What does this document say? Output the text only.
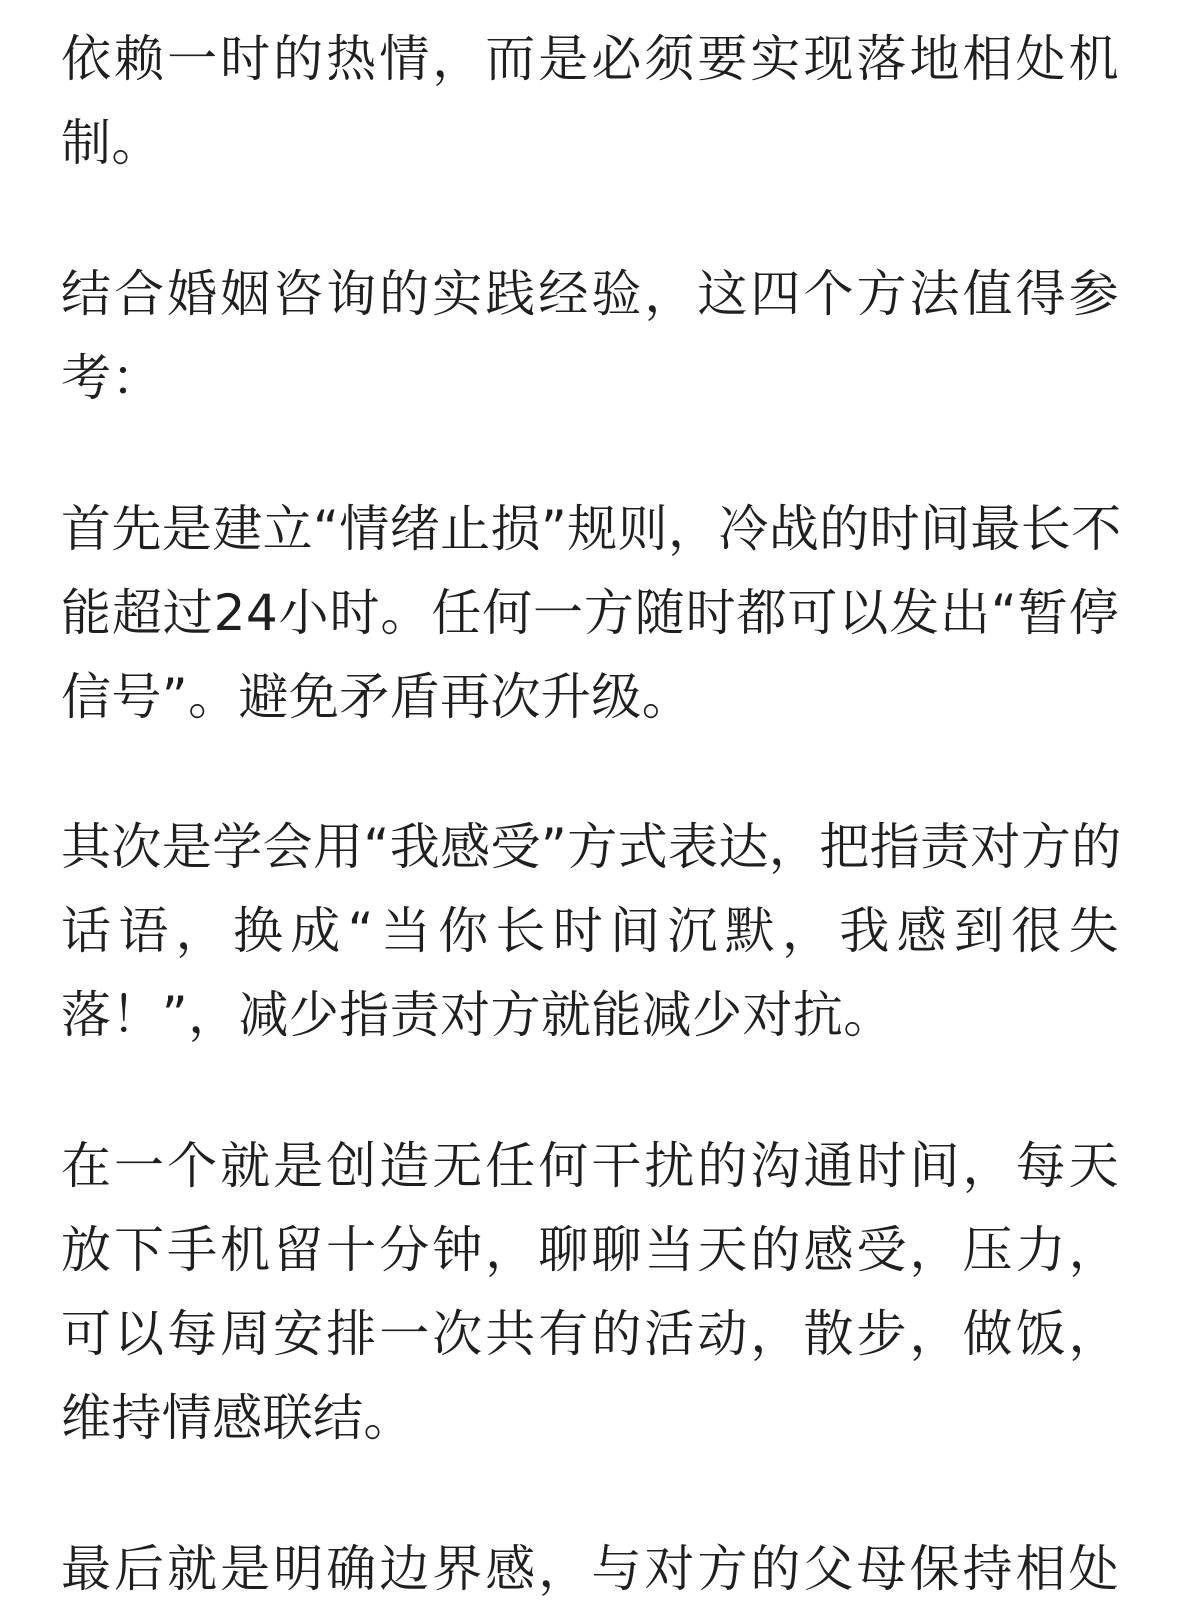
依赖一时的热情，而是必须要实现落地相处机
制。
结合婚姻咨询的实践经验，这四个方法值得参
考：
首先是建立“情绪止损”规则，冷战的时间最长不
能超过24小时。任何一方随时都可以发出“暂停
信号”。避免矛盾再次升级。
其次是学会用“我感受”方式表达，把指责对方的
话语，换成“当你长时间沉默，我感到很失
落！”，减少指责对方就能减少对抗。
在一个就是创造无任何干扰的沟通时间，每天
放下手机留十分钟，聊聊当天的感受，压力，
可以每周安排一次共有的活动，散步，做饭，
维持情感联结。
最后就是明确边界感，与对方的父母保持相处
